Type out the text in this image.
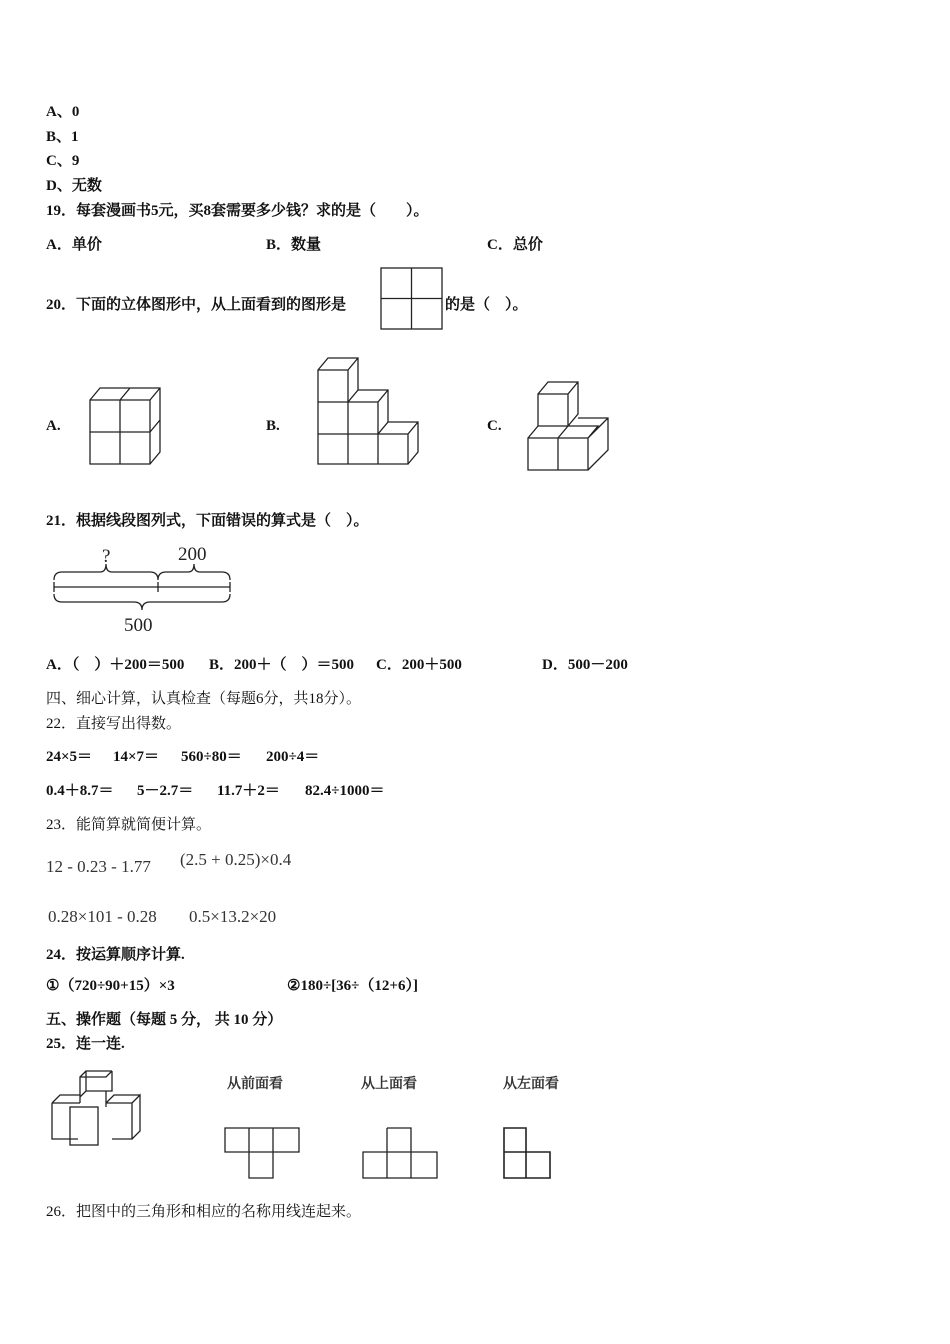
A、0
B、1
C、9
D、无数
19．每套漫画书5元，买8套需要多少钱？求的是（　　）。
A．单价	B．数量	C．总价
20．下面的立体图形中，从上面看到的图形是	的是（　）。
A.	B.	C.
21．根据线段图列式，下面错误的算式是（　）。
?	200
500
A．（　）＋200＝500 B．200＋（　）＝500 C．200＋500	D．500－200
四、细心计算，认真检查（每题6分，共18分）。
22．直接写出得数。
24×5＝ 14×7＝ 560÷80＝ 200÷4＝
0.4＋8.7＝ 5－2.7＝ 11.7＋2＝ 82.4÷1000＝
23．能简算就简便计算。
12 - 0.23 - 1.77 (2.5 + 0.25)×0.4
0.28×101 - 0.28 0.5×13.2×20
24．按运算顺序计算.
①（720÷90+15）×3	②180÷[36÷（12+6）]
五、操作题（每题 5 分， 共 10 分）
25．连一连.
从前面看	从上面看	从左面看
26．把图中的三角形和相应的名称用线连起来。
